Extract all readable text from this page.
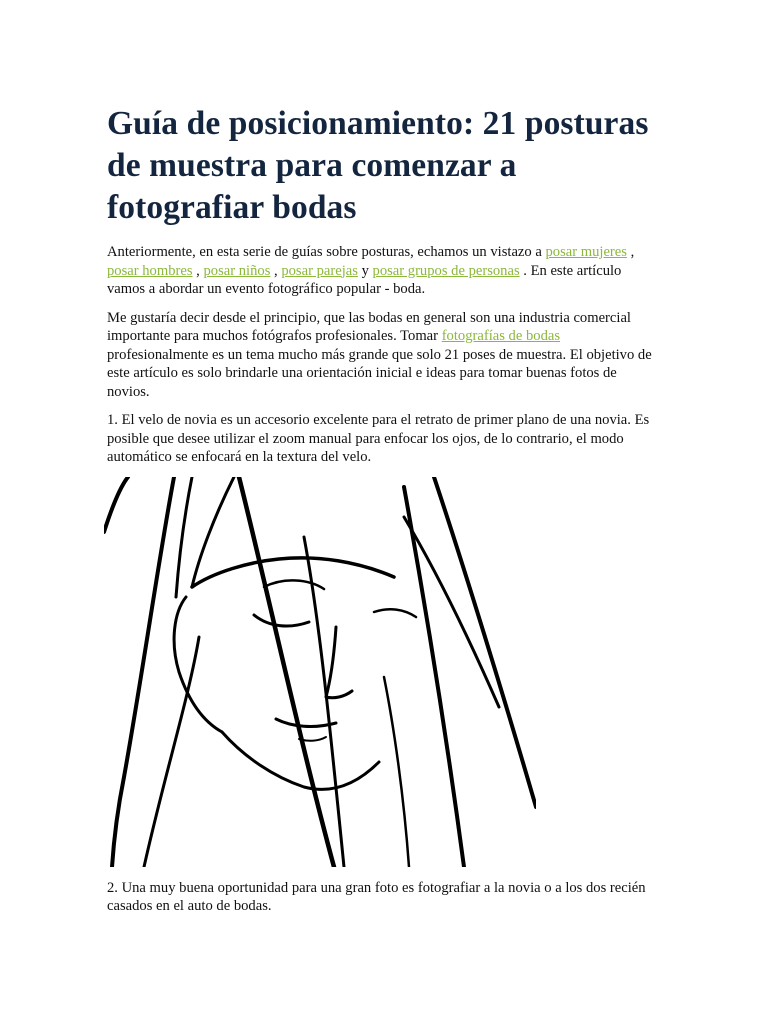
Guía de posicionamiento: 21 posturas de muestra para comenzar a fotografiar bodas

Anteriormente, en esta serie de guías sobre posturas, echamos un vistazo a posar mujeres , posar hombres , posar niños , posar parejas y posar grupos de personas . En este artículo vamos a abordar un evento fotográfico popular - boda.

Me gustaría decir desde el principio, que las bodas en general son una industria comercial importante para muchos fotógrafos profesionales. Tomar fotografías de bodas profesionalmente es un tema mucho más grande que solo 21 poses de muestra. El objetivo de este artículo es solo brindarle una orientación inicial e ideas para tomar buenas fotos de novios.

1. El velo de novia es un accesorio excelente para el retrato de primer plano de una novia. Es posible que desee utilizar el zoom manual para enfocar los ojos, de lo contrario, el modo automático se enfocará en la textura del velo.

2. Una muy buena oportunidad para una gran foto es fotografiar a la novia o a los dos recién casados en el auto de bodas.
